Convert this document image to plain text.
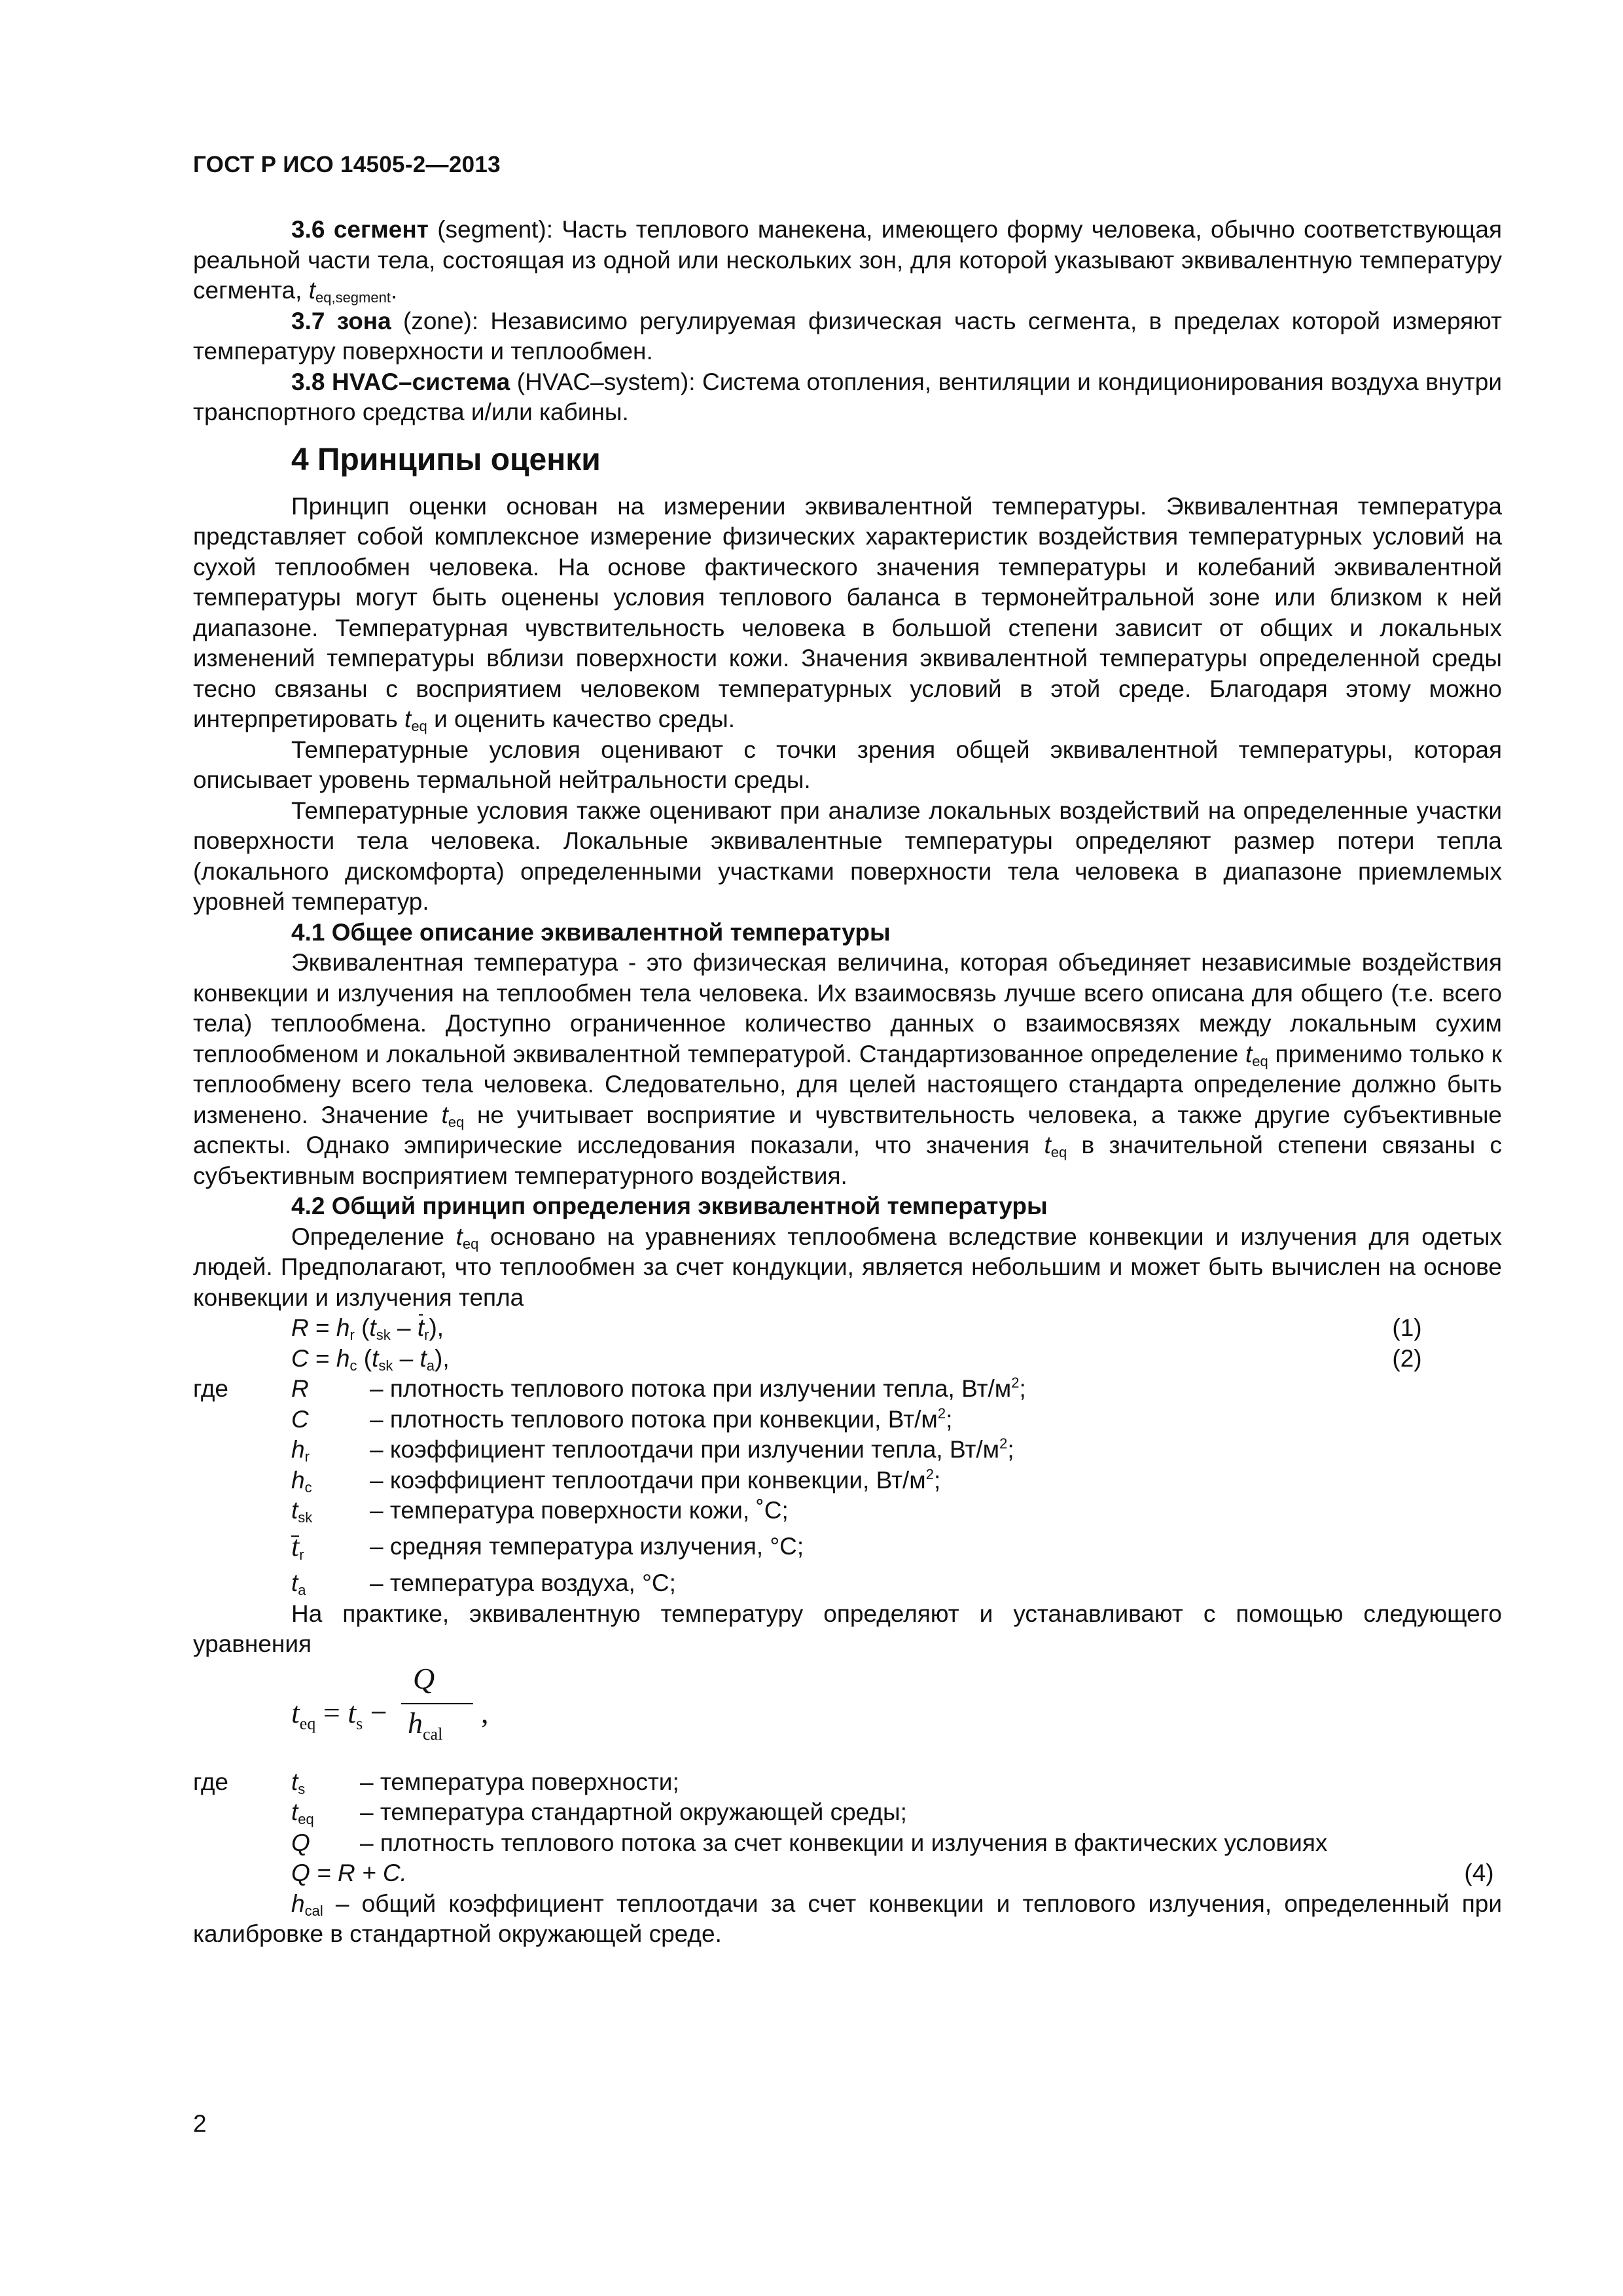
ГОСТ Р ИСО 14505-2—2013

3.6 сегмент (segment): Часть теплового манекена, имеющего форму человека, обычно соответствующая реальной части тела, состоящая из одной или нескольких зон, для которой указывают эквивалентную температуру сегмента, $t_{eq,segment}$.

3.7 зона (zone): Независимо регулируемая физическая часть сегмента, в пределах которой измеряют температуру поверхности и теплообмен.

3.8 HVAC–система (HVAC–system): Система отопления, вентиляции и кондиционирования воздуха внутри транспортного средства и/или кабины.

4 Принципы оценки

Принцип оценки основан на измерении эквивалентной температуры. Эквивалентная температура представляет собой комплексное измерение физических характеристик воздействия температурных условий на сухой теплообмен человека. На основе фактического значения температуры и колебаний эквивалентной температуры могут быть оценены условия теплового баланса в термонейтральной зоне или близком к ней диапазоне. Температурная чувствительность человека в большой степени зависит от общих и локальных изменений температуры вблизи поверхности кожи. Значения эквивалентной температуры определенной среды тесно связаны с восприятием человеком температурных условий в этой среде. Благодаря этому можно интерпретировать $t_{eq}$ и оценить качество среды.

Температурные условия оценивают с точки зрения общей эквивалентной температуры, которая описывает уровень термальной нейтральности среды.

Температурные условия также оценивают при анализе локальных воздействий на определенные участки поверхности тела человека. Локальные эквивалентные температуры определяют размер потери тепла (локального дискомфорта) определенными участками поверхности тела человека в диапазоне приемлемых уровней температур.

4.1 Общее описание эквивалентной температуры

Эквивалентная температура - это физическая величина, которая объединяет независимые воздействия конвекции и излучения на теплообмен тела человека. Их взаимосвязь лучше всего описана для общего (т.е. всего тела) теплообмена. Доступно ограниченное количество данных о взаимосвязях между локальным сухим теплообменом и локальной эквивалентной температурой. Стандартизованное определение $t_{eq}$ применимо только к теплообмену всего тела человека. Следовательно, для целей настоящего стандарта определение должно быть изменено. Значение $t_{eq}$ не учитывает восприятие и чувствительность человека, а также другие субъективные аспекты. Однако эмпирические исследования показали, что значения $t_{eq}$ в значительной степени связаны с субъективным восприятием температурного воздействия.

4.2 Общий принцип определения эквивалентной температуры

Определение $t_{eq}$ основано на уравнениях теплообмена вследствие конвекции и излучения для одетых людей. Предполагают, что теплообмен за счет кондукции, является небольшим и может быть вычислен на основе конвекции и излучения тепла

$R = h_r$ $(t_{sk} - t_r)$,	(1)
$C = h_c$ $(t_{sk} - t_a)$,	(2)
где	R	– плотность теплового потока при излучении тепла, $Вт/м^2$;
C	– плотность теплового потока при конвекции, $Вт/м^2$;
$h_r$	– коэффициент теплоотдачи при излучении тепла, $Вт/м^2$;
$h_c$	– коэффициент теплоотдачи при конвекции, $Вт/м^2$;
$t_{sk}$	– температура поверхности кожи, ˚С;
$t_r$	– средняя температура излучения, °С;
$t_a$	– температура воздуха, °С;

На практике, эквивалентную температуру определяют и устанавливают с помощью следующего уравнения

$t_{eq} = t_s$ −
Q
$h_{cal}$
,
где	$t_s$	– температура поверхности;
$t_{eq}$	– температура стандартной окружающей среды;
Q	– плотность теплового потока за счет конвекции и излучения в фактических условиях
Q = R + C.	(4)

$h_{cal}$ – общий коэффициент теплоотдачи за счет конвекции и теплового излучения, определенный при калибровке в стандартной окружающей среде.

2
